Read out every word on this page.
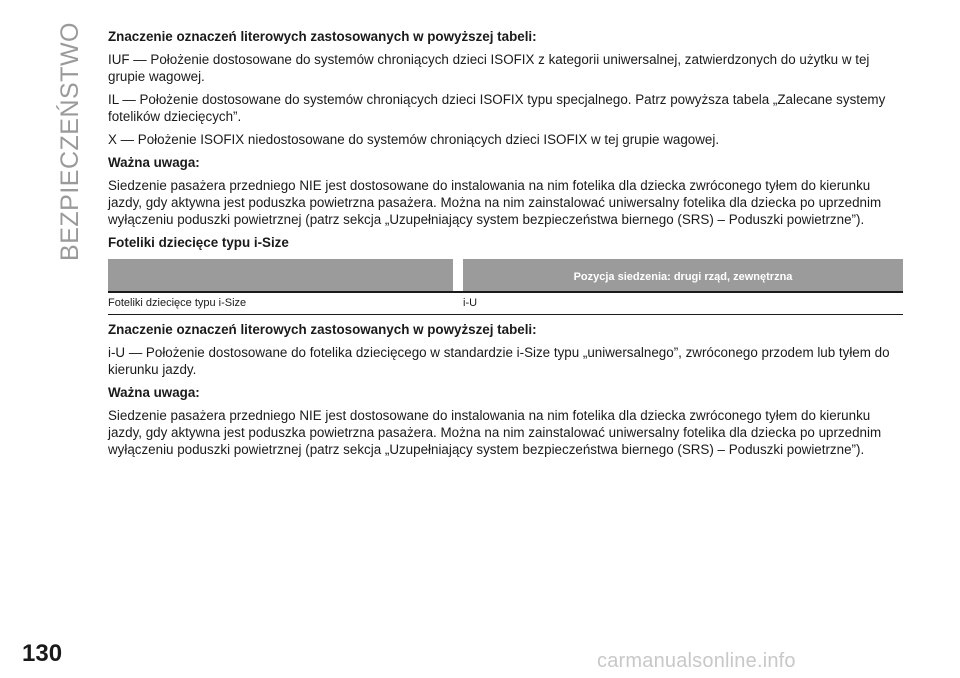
BEZPIECZEŃSTWO Znaczenie oznaczeń literowych zastosowanych w powyższej tabeli:

IUF — Położenie dostosowane do systemów chroniących dzieci ISOFIX z kategorii uniwersalnej, zatwierdzonych do użytku w tej grupie wagowej.

IL — Położenie dostosowane do systemów chroniących dzieci ISOFIX typu specjalnego. Patrz powyższa tabela „Zalecane systemy fotelików dziecięcych”.

X — Położenie ISOFIX niedostosowane do systemów chroniących dzieci ISOFIX w tej grupie wagowej.

Ważna uwaga:

Siedzenie pasażera przedniego NIE jest dostosowane do instalowania na nim fotelika dla dziecka zwróconego tyłem do kierunku jazdy, gdy aktywna jest poduszka powietrzna pasażera. Można na nim zainstalować uniwersalny fotelika dla dziecka po uprzednim wyłączeniu poduszki powietrznej (patrz sekcja „Uzupełniający system bezpieczeństwa biernego (SRS) – Poduszki powietrzne”).

Foteliki dziecięce typu i-Size

		Pozycja siedzenia: drugi rząd, zewnętrzna

Foteliki dziecięce typu i-Size		i-U

Znaczenie oznaczeń literowych zastosowanych w powyższej tabeli:

i-U — Położenie dostosowane do fotelika dziecięcego w standardzie i-Size typu „uniwersalnego”, zwróconego przodem lub tyłem do kierunku jazdy.

Ważna uwaga:

Siedzenie pasażera przedniego NIE jest dostosowane do instalowania na nim fotelika dla dziecka zwróconego tyłem do kierunku jazdy, gdy aktywna jest poduszka powietrzna pasażera. Można na nim zainstalować uniwersalny fotelika dla dziecka po uprzednim wyłączeniu poduszki powietrznej (patrz sekcja „Uzupełniający system bezpieczeństwa biernego (SRS) – Poduszki powietrzne”).

130	carmanualsonline.info
